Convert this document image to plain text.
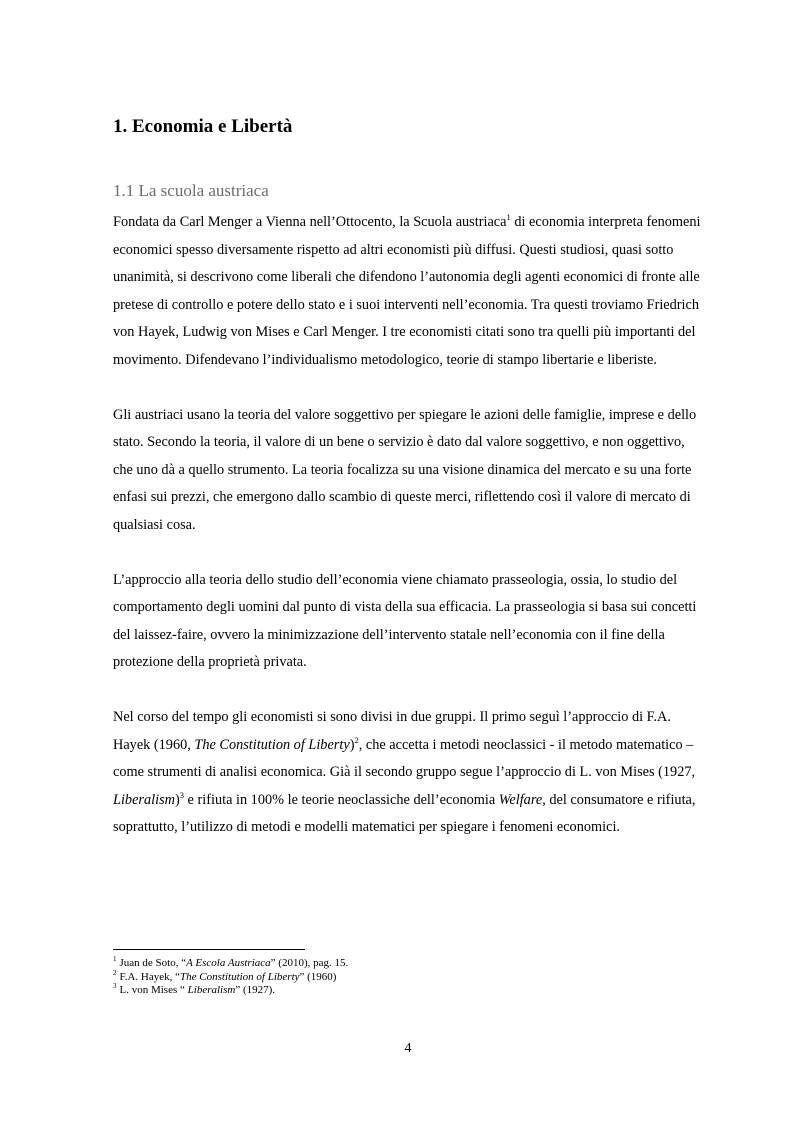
1. Economia e Libertà
1.1 La scuola austriaca

Fondata da Carl Menger a Vienna nell’Ottocento, la Scuola austriaca$^1$ di economia interpreta fenomeni economici spesso diversamente rispetto ad altri economisti più diffusi. Questi studiosi, quasi sotto unanimità, si descrivono come liberali che difendono l’autonomia degli agenti economici di fronte alle pretese di controllo e potere dello stato e i suoi interventi nell’economia. Tra questi troviamo Friedrich von Hayek, Ludwig von Mises e Carl Menger. I tre economisti citati sono tra quelli più importanti del movimento. Difendevano l’individualismo metodologico, teorie di stampo libertarie e liberiste.

Gli austriaci usano la teoria del valore soggettivo per spiegare le azioni delle famiglie, imprese e dello stato. Secondo la teoria, il valore di un bene o servizio è dato dal valore soggettivo, e non oggettivo, che uno dà a quello strumento. La teoria focalizza su una visione dinamica del mercato e su una forte enfasi sui prezzi, che emergono dallo scambio di queste merci, riflettendo così il valore di mercato di qualsiasi cosa.

L’approccio alla teoria dello studio dell’economia viene chiamato prasseologia, ossia, lo studio del comportamento degli uomini dal punto di vista della sua efficacia. La prasseologia si basa sui concetti del laissez-faire, ovvero la minimizzazione dell’intervento statale nell’economia con il fine della protezione della proprietà privata.

Nel corso del tempo gli economisti si sono divisi in due gruppi. Il primo seguì l’approccio di F.A. Hayek (1960, The Constitution of Liberty)$^2$, che accetta i metodi neoclassici - il metodo matematico – come strumenti di analisi economica. Già il secondo gruppo segue l’approccio di L. von Mises (1927, Liberalism)$^3$ e rifiuta in 100% le teorie neoclassiche dell’economia Welfare, del consumatore e rifiuta, soprattutto, l’utilizzo di metodi e modelli matematici per spiegare i fenomeni economici.

$^1$ Juan de Soto, “A Escola Austriaca” (2010), pag. 15.

$^2$ F.A. Hayek, “The Constitution of Liberty” (1960)

$^3$ L. von Mises “ Liberalism” (1927).

4
